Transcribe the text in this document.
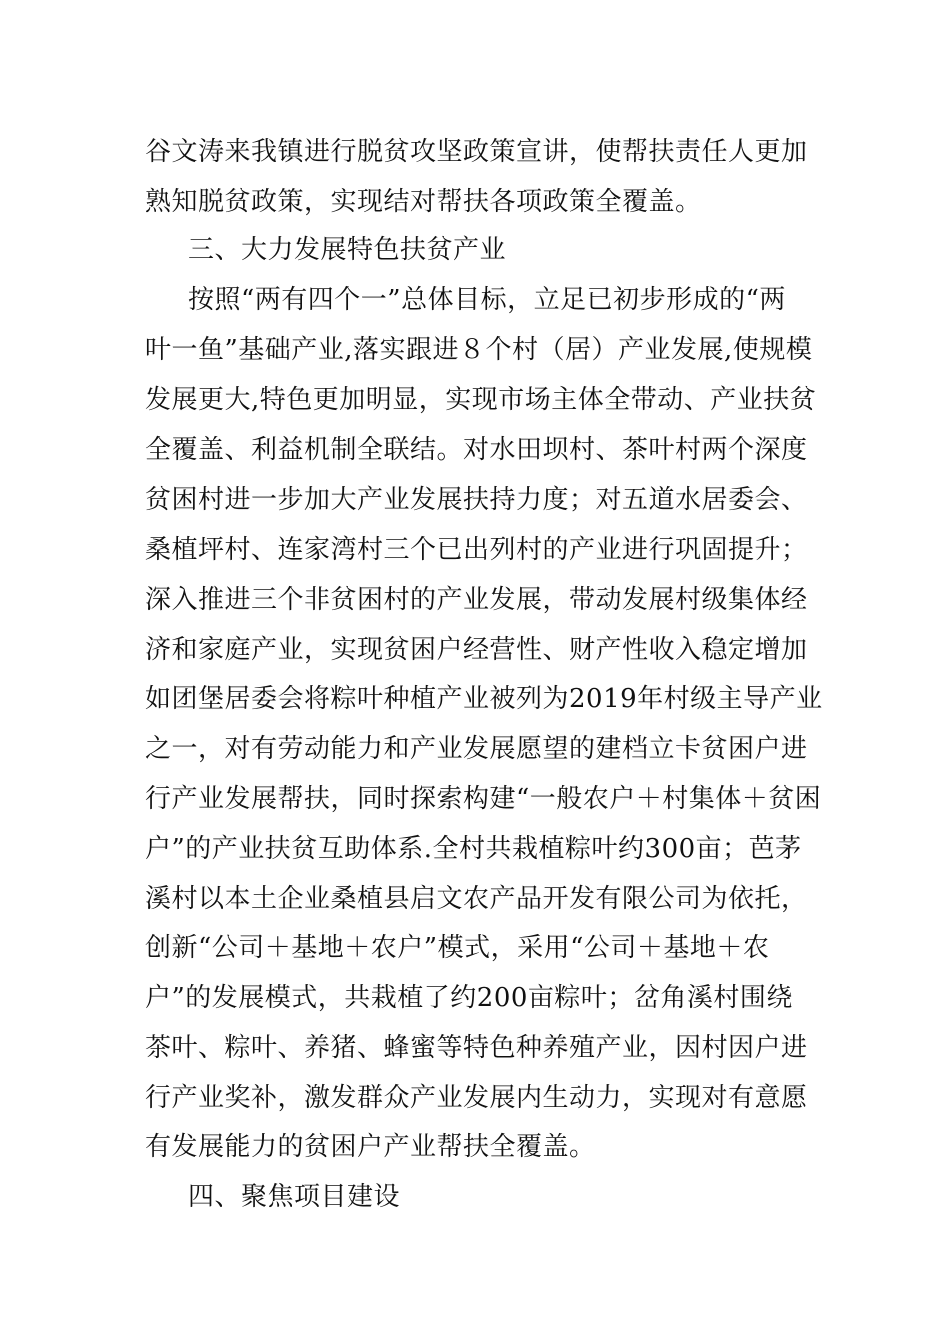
谷文涛来我镇进行脱贫攻坚政策宣讲，使帮扶责任人更加
熟知脱贫政策，实现结对帮扶各项政策全覆盖。
三、大力发展特色扶贫产业
按照“两有四个一”总体目标，立足已初步形成的“两
叶一鱼”基础产业,落实跟进８个村（居）产业发展,使规模
发展更大,特色更加明显，实现市场主体全带动、产业扶贫
全覆盖、利益机制全联结。对水田坝村、茶叶村两个深度
贫困村进一步加大产业发展扶持力度；对五道水居委会、
桑植坪村、连家湾村三个已出列村的产业进行巩固提升；
深入推进三个非贫困村的产业发展，带动发展村级集体经
济和家庭产业，实现贫困户经营性、财产性收入稳定增加
如团堡居委会将粽叶种植产业被列为2019年村级主导产业
之一，对有劳动能力和产业发展愿望的建档立卡贫困户进
行产业发展帮扶，同时探索构建“一般农户＋村集体＋贫困
户”的产业扶贫互助体系.全村共栽植粽叶约300亩；芭茅
溪村以本土企业桑植县启文农产品开发有限公司为依托，
创新“公司＋基地＋农户”模式，采用“公司＋基地＋农
户”的发展模式，共栽植了约200亩粽叶；岔角溪村围绕
茶叶、粽叶、养猪、蜂蜜等特色种养殖产业，因村因户进
行产业奖补，激发群众产业发展内生动力，实现对有意愿
有发展能力的贫困户产业帮扶全覆盖。
四、聚焦项目建设
